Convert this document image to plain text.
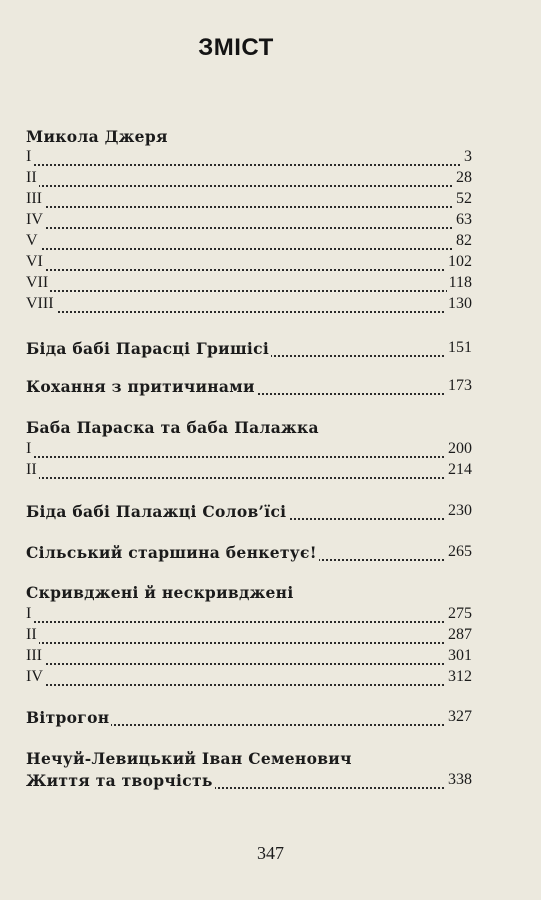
ЗМІСТ
Микола Джеря
I	3
II	28
III	52
IV	63
V	82
VI	102
VII	118
VIII	130
Біда бабі Парасці Гришісі	151
Кохання з притичинами	173
Баба Параска та баба Палажка
I	200
II	214
Біда бабі Палажці Солов’їсі	230
Сільський старшина бенкетує!	265
Скривджені й нескривджені
I	275
II	287
III	301
IV	312
Вітрогон	327
Нечуй-Левицький Іван Семенович
Життя та творчість	338
347
